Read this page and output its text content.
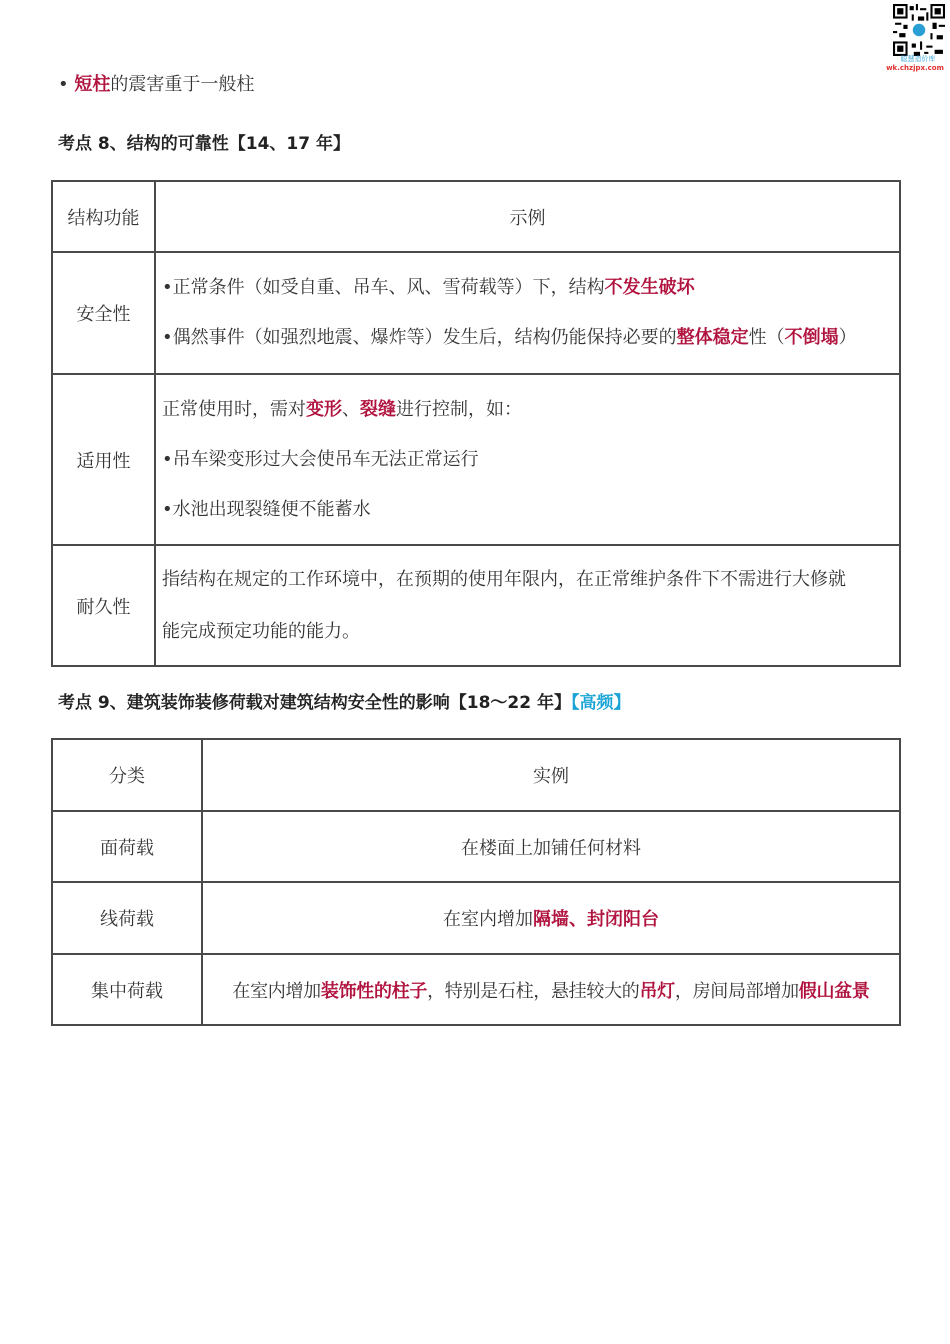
聪慧造价库
wk.chzjpx.com
• 短柱的震害重于一般柱
考点 8、结构的可靠性【14、17 年】
结构功能	示例
安全性	•正常条件（如受自重、吊车、风、雪荷载等）下，结构不发生破坏
•偶然事件（如强烈地震、爆炸等）发生后，结构仍能保持必要的整体稳定性（不倒塌）

适用性	正常使用时，需对变形、裂缝进行控制，如：
•吊车梁变形过大会使吊车无法正常运行
•水池出现裂缝便不能蓄水

耐久性	指结构在规定的工作环境中，在预期的使用年限内，在正常维护条件下不需进行大修就
能完成预定功能的能力。
考点 9、建筑装饰装修荷载对建筑结构安全性的影响【18～22 年】【高频】
分类	实例
面荷载	在楼面上加铺任何材料
线荷载	在室内增加隔墙、封闭阳台
集中荷载	在室内增加装饰性的柱子，特别是石柱，悬挂较大的吊灯，房间局部增加假山盆景
